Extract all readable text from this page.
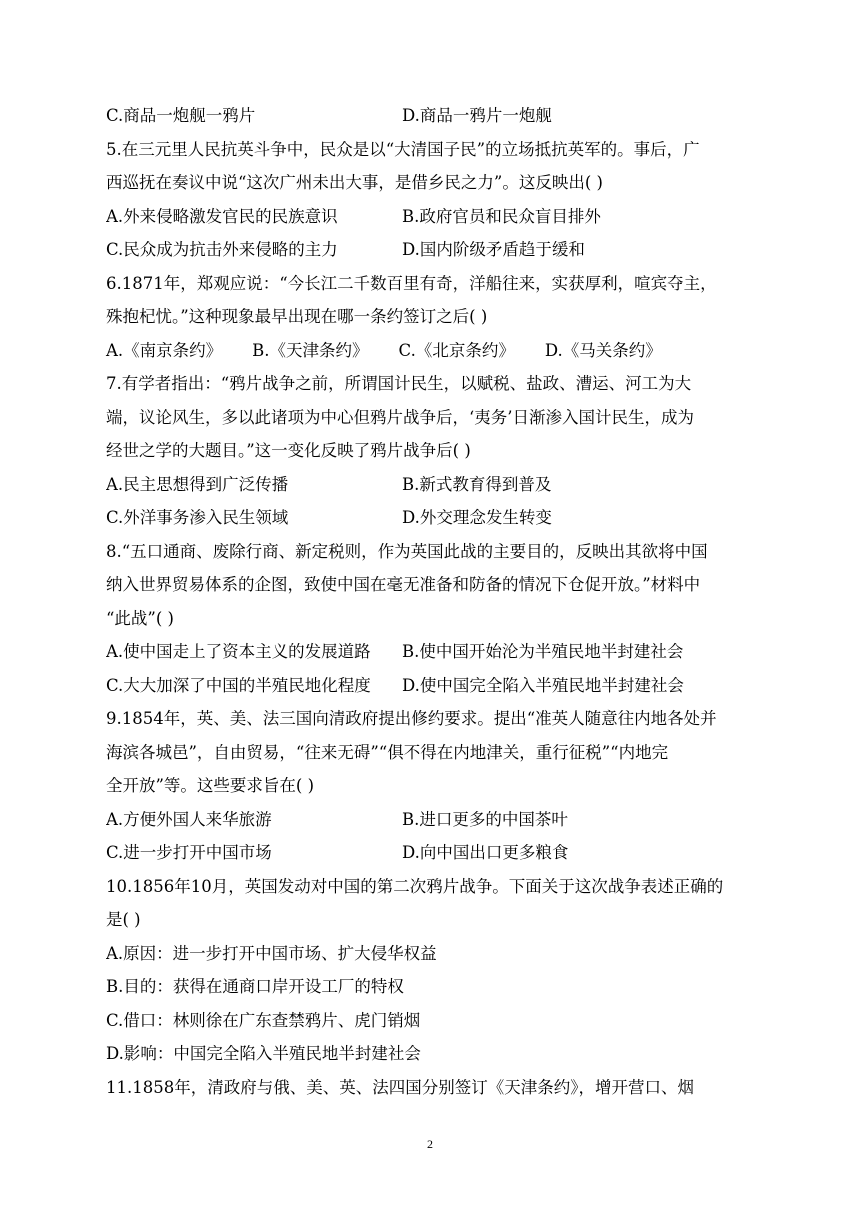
C.商品一炮舰一鸦片	D.商品一鸦片一炮舰
5.在三元里人民抗英斗争中，民众是以“大清国子民”的立场抵抗英军的。事后，广
西巡抚在奏议中说“这次广州未出大事，是借乡民之力”。这反映出( )
A.外来侵略激发官民的民族意识	B.政府官员和民众盲目排外
C.民众成为抗击外来侵略的主力	D.国内阶级矛盾趋于缓和
6.1871年，郑观应说：“今长江二千数百里有奇，洋船往来，实获厚利，喧宾夺主，
殊抱杞忧。”这种现象最早出现在哪一条约签订之后( )
A.《南京条约》 B.《天津条约》 C.《北京条约》 D.《马关条约》
7.有学者指出：“鸦片战争之前，所谓国计民生，以赋税、盐政、漕运、河工为大
端，议论风生，多以此诸项为中心但鸦片战争后，‘夷务’日渐渗入国计民生，成为
经世之学的大题目。”这一变化反映了鸦片战争后( )
A.民主思想得到广泛传播	B.新式教育得到普及
C.外洋事务渗入民生领域	D.外交理念发生转变
8.“五口通商、废除行商、新定税则，作为英国此战的主要目的，反映出其欲将中国
纳入世界贸易体系的企图，致使中国在毫无准备和防备的情况下仓促开放。”材料中
“此战”( )
A.使中国走上了资本主义的发展道路	B.使中国开始沦为半殖民地半封建社会
C.大大加深了中国的半殖民地化程度	D.使中国完全陷入半殖民地半封建社会
9.1854年，英、美、法三国向清政府提出修约要求。提出“准英人随意往内地各处并
海滨各城邑”，自由贸易，“往来无碍”“俱不得在内地津关，重行征税”“内地完
全开放”等。这些要求旨在( )
A.方便外国人来华旅游	B.进口更多的中国茶叶
C.进一步打开中国市场	D.向中国出口更多粮食
10.1856年10月，英国发动对中国的第二次鸦片战争。下面关于这次战争表述正确的
是( )
A.原因：进一步打开中国市场、扩大侵华权益
B.目的：获得在通商口岸开设工厂的特权
C.借口：林则徐在广东查禁鸦片、虎门销烟
D.影响：中国完全陷入半殖民地半封建社会
11.1858年，清政府与俄、美、英、法四国分别签订《天津条约》，增开营口、烟
2
